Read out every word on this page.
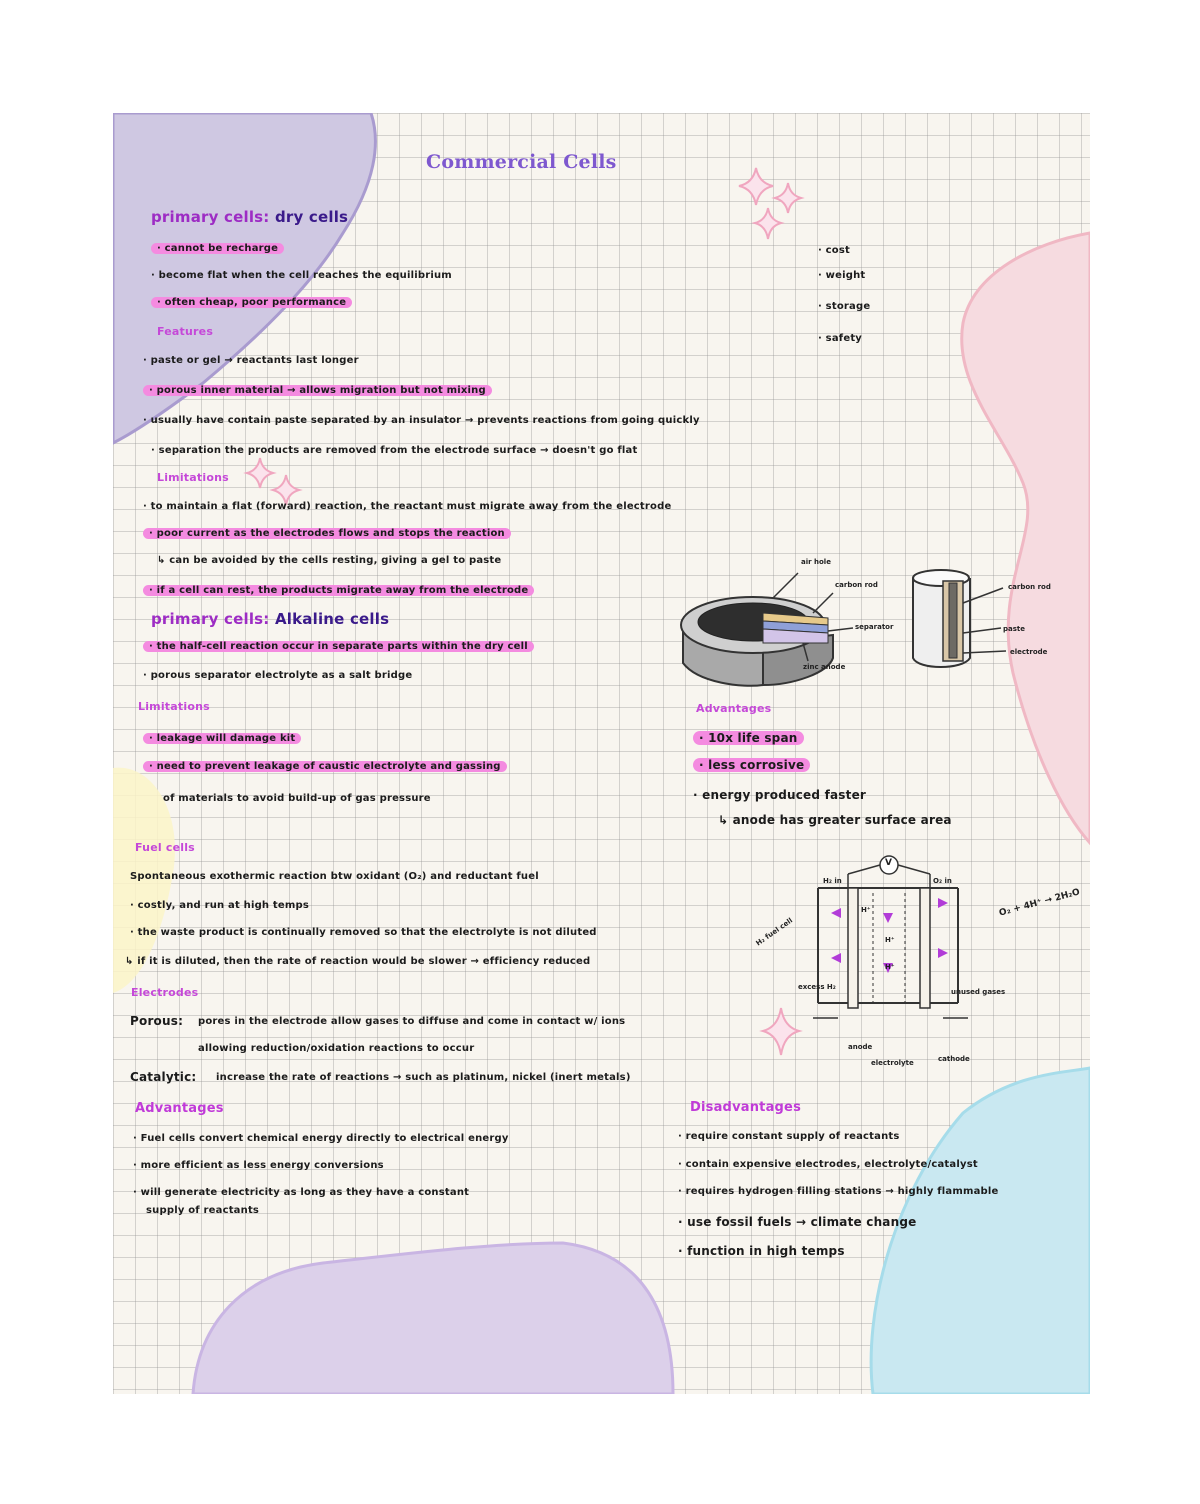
Commercial Cells
primary cells: dry cells
· cannot be recharge
· become flat when the cell reaches the equilibrium
· often cheap, poor performance
Features
· paste or gel → reactants last longer
· porous inner material → allows migration but not mixing
· usually have contain paste separated by an insulator → prevents reactions from going quickly
· separation the products are removed from the electrode surface → doesn't go flat
Limitations
· to maintain a flat (forward) reaction, the reactant must migrate away from the electrode
· poor current as the electrodes flows and stops the reaction
↳ can be avoided by the cells resting, giving a gel to paste
· if a cell can rest, the products migrate away from the electrode
· cost
· weight
· storage
· safety
air hole
carbon rod
separator
zinc anode
carbon rod
paste
electrode
primary cells: Alkaline cells
· the half-cell reaction occur in separate parts within the dry cell
· porous separator electrolyte as a salt bridge
Limitations
· leakage will damage kit
· need to prevent leakage of caustic electrolyte and gassing
of materials to avoid build-up of gas pressure
Advantages
· 10x life span
· less corrosive
· energy produced faster
↳ anode has greater surface area
Fuel cells
Spontaneous exothermic reaction btw oxidant (O₂) and reductant fuel
· costly, and run at high temps
· the waste product is continually removed so that the electrolyte is not diluted
↳ if it is diluted, then the rate of reaction would be slower → efficiency reduced
Electrodes
Porous: pores in the electrode allow gases to diffuse and come in contact w/ ions
allowing reduction/oxidation reactions to occur
Catalytic: increase the rate of reactions → such as platinum, nickel (inert metals)
V
H₂ in	O₂ in
H₂ fuel cell
excess H₂
unused gases
anode
electrolyte	cathode
O₂ + 4H⁺ → 2H₂O
H⁺
H⁺
H⁺
Advantages
· Fuel cells convert chemical energy directly to electrical energy
· more efficient as less energy conversions
· will generate electricity as long as they have a constant
supply of reactants
Disadvantages
· require constant supply of reactants
· contain expensive electrodes, electrolyte/catalyst
· requires hydrogen filling stations → highly flammable
· use fossil fuels → climate change
· function in high temps
